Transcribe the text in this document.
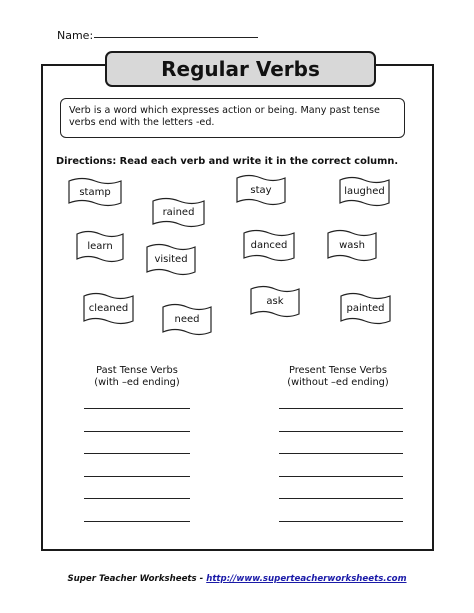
Name:
Regular Verbs
Verb is a word which expresses action or being. Many past tense verbs end with the letters -ed.
Directions: Read each verb and write it in the correct column.
stamp
rained
stay	laughed
learn
visited
danced	wash
cleaned
need
ask
painted
Past Tense Verbs
(with –ed ending)
Present Tense Verbs
(without –ed ending)
Super Teacher Worksheets - http://www.superteacherworksheets.com
